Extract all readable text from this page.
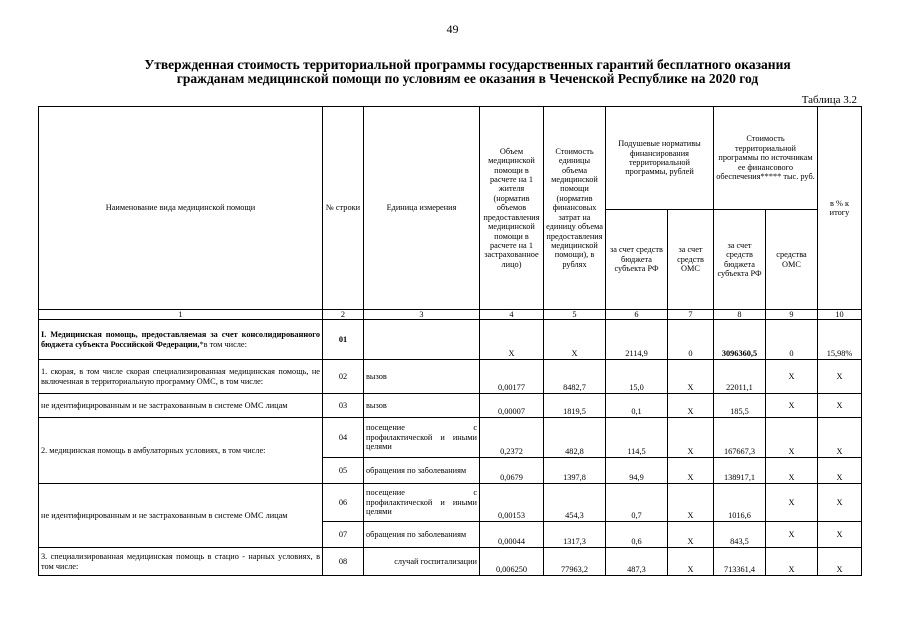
49
Утвержденная стоимость территориальной программы государственных гарантий бесплатного оказания
гражданам медицинской помощи по условиям ее оказания в Чеченской Республике на 2020 год
Таблица 3.2
Наименование вида медицинской помощи	№ строки	Единица измерения	Объем медицинской помощи в расчете на 1 жителя (норматив объемов предоставления медицинской помощи в расчете на 1 застрахованное лицо)	Стоимость единицы объема медицинской помощи (норматив финансовых затрат на единицу объема предоставления медицинской помощи), в рублях	Подушевые нормативы финансирования территориальной программы, рублей		Стоимость территориальной программы по источникам ее финансового обеспечения***** тыс. руб.		в % к итогу
					за счет средств бюджета субъекта РФ	за счет средств ОМС	за счет средств бюджета субъекта РФ	средства ОМС	
1	2	3	4	5	6	7	8	9	10
I. Медицинская помощь, предоставляемая за счет консолидированного бюджета субъекта Российской Федерации,*в том числе:	01		X	X	2114,9	0	3096360,5	0	15,98%
1. скорая, в том числе скорая специализированная медицинская помощь, не включенная в территориальную программу ОМС, в том числе:	02	вызов	0,00177	8482,7	15,0	X	22011,1	X	X
не идентифицированным и не застрахованным в системе ОМС лицам	03	вызов	0,00007	1819,5	0,1	X	185,5	X	X
2. медицинская помощь в амбулаторных условиях, в том числе:	04	посещение с профилактической и иными целями	0,2372	482,8	114,5	X	167667,3	X	X
	05	обращения по заболеваниям	0,0679	1397,8	94,9	X	138917,1	X	X
не идентифицированным и не застрахованным в системе ОМС лицам	06	посещение с профилактической и иными целями	0,00153	454,3	0,7	X	1016,6	X	X
	07	обращения по заболеваниям	0,00044	1317,3	0,6	X	843,5	X	X
3. специализированная медицинская помощь в стацио - нарных условиях, в том числе:	08	случай госпитализации	0,006250	77963,2	487,3	X	713361,4	X	X
